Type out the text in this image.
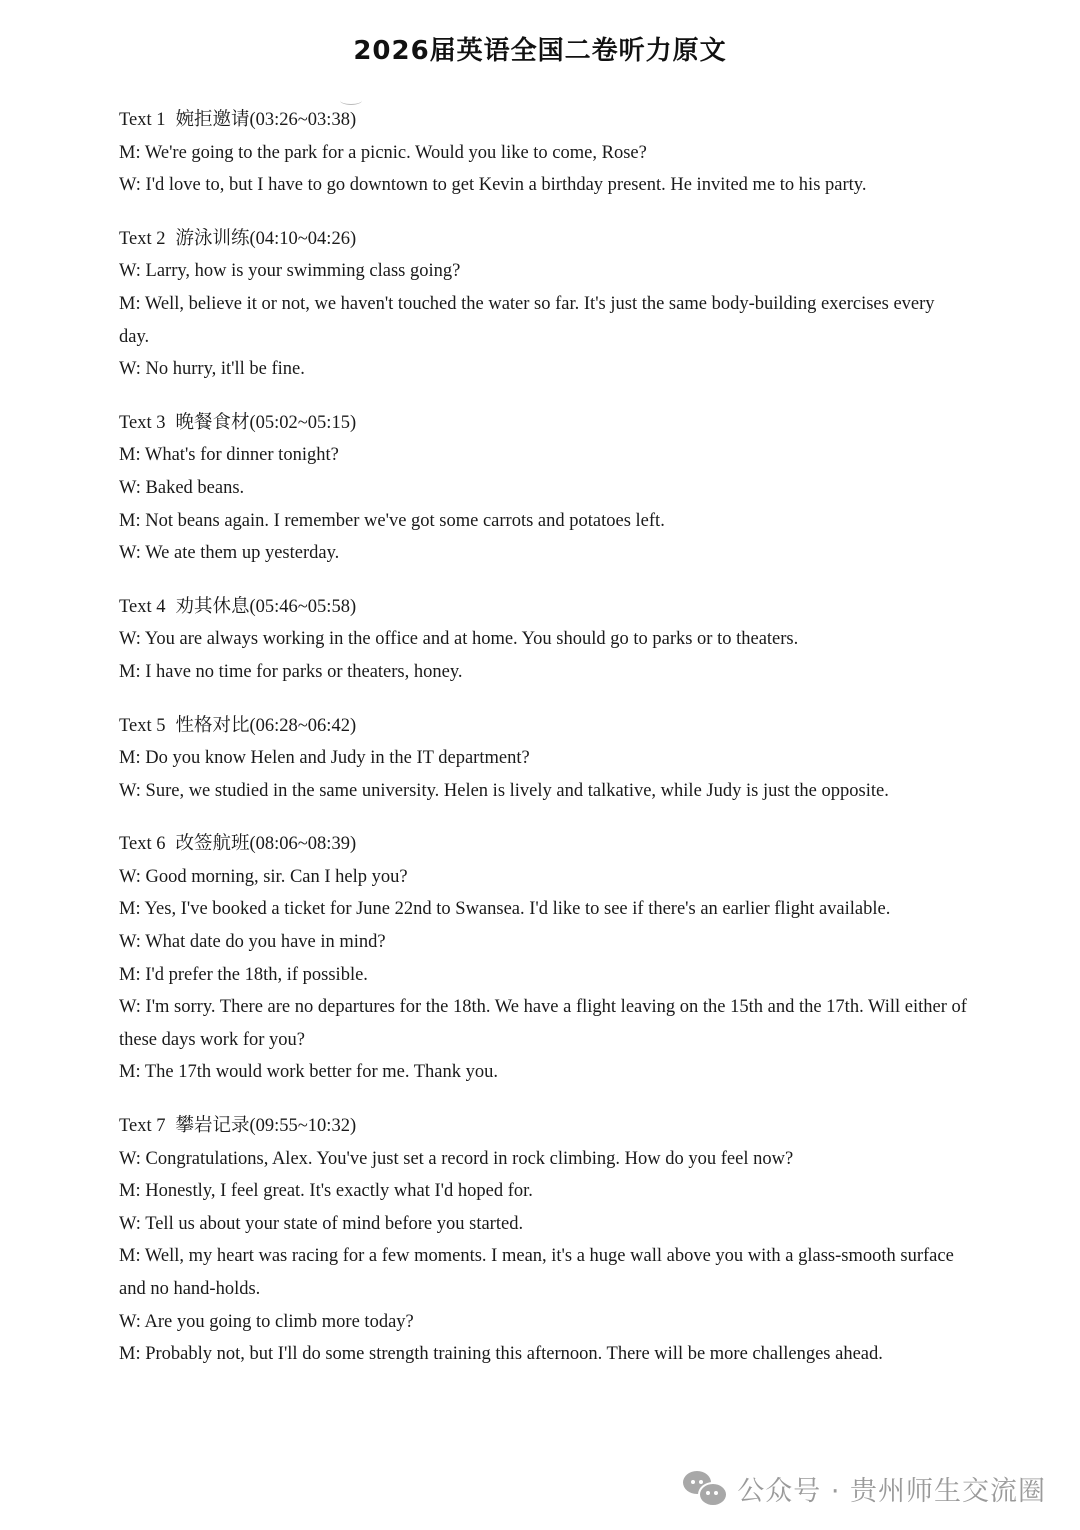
2026届英语全国二卷听力原文
Text 1 婉拒邀请(03:26~03:38)
M: We're going to the park for a picnic. Would you like to come, Rose?
W: I'd love to, but I have to go downtown to get Kevin a birthday present. He invited me to his party.
Text 2 游泳训练(04:10~04:26)
W: Larry, how is your swimming class going?
M: Well, believe it or not, we haven't touched the water so far. It's just the same body-building exercises every day.
W: No hurry, it'll be fine.
Text 3 晚餐食材(05:02~05:15)
M: What's for dinner tonight?
W: Baked beans.
M: Not beans again. I remember we've got some carrots and potatoes left.
W: We ate them up yesterday.
Text 4 劝其休息(05:46~05:58)
W: You are always working in the office and at home. You should go to parks or to theaters.
M: I have no time for parks or theaters, honey.
Text 5 性格对比(06:28~06:42)
M: Do you know Helen and Judy in the IT department?
W: Sure, we studied in the same university. Helen is lively and talkative, while Judy is just the opposite.
Text 6 改签航班(08:06~08:39)
W: Good morning, sir. Can I help you?
M: Yes, I've booked a ticket for June 22nd to Swansea. I'd like to see if there's an earlier flight available.
W: What date do you have in mind?
M: I'd prefer the 18th, if possible.
W: I'm sorry. There are no departures for the 18th. We have a flight leaving on the 15th and the 17th. Will either of these days work for you?
M: The 17th would work better for me. Thank you.
Text 7 攀岩记录(09:55~10:32)
W: Congratulations, Alex. You've just set a record in rock climbing. How do you feel now?
M: Honestly, I feel great. It's exactly what I'd hoped for.
W: Tell us about your state of mind before you started.
M: Well, my heart was racing for a few moments. I mean, it's a huge wall above you with a glass-smooth surface and no hand-holds.
W: Are you going to climb more today?
M: Probably not, but I'll do some strength training this afternoon. There will be more challenges ahead.
公众号 · 贵州师生交流圈
